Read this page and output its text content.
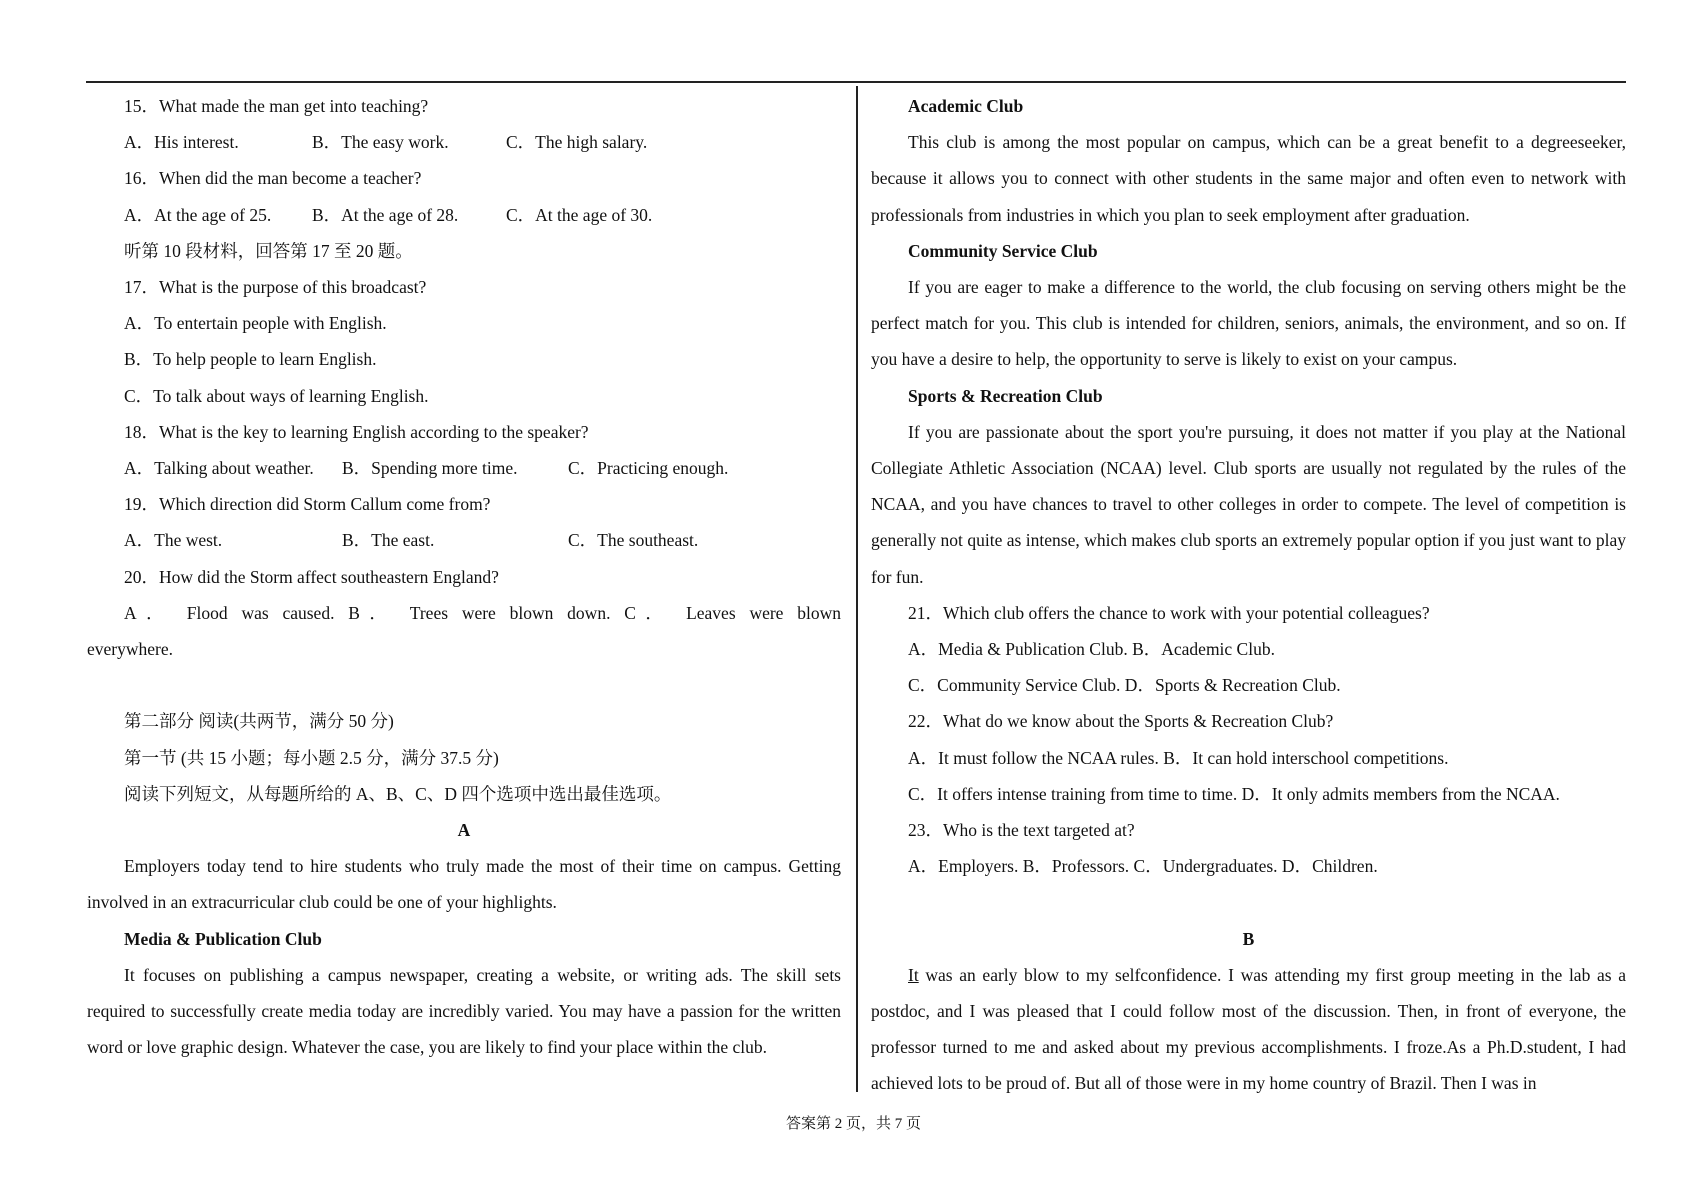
15．What made the man get into teaching?

A．His interest.	B．The easy work.	C．The high salary.

16．When did the man become a teacher?

A．At the age of 25.	B．At the age of 28.	C．At the age of 30.

听第 10 段材料，回答第 17 至 20 题。

17．What is the purpose of this broadcast?

A．To entertain people with English.

B．To help people to learn English.

C．To talk about ways of learning English.

18．What is the key to learning English according to the speaker?

A．Talking about weather.	B．Spending more time.	C．Practicing enough.

19．Which direction did Storm Callum come from?

A．The west.	B．The east.	C．The southeast.

20．How did the Storm affect southeastern England?

A． Flood was caused. B． Trees were blown down. C． Leaves were blown

everywhere.

第二部分 阅读(共两节，满分 50 分)

第一节 (共 15 小题；每小题 2.5 分，满分 37.5 分)

阅读下列短文，从每题所给的 A、B、C、D 四个选项中选出最佳选项。

A

Employers today tend to hire students who truly made the most of their time on campus. Getting involved in an extracurricular club could be one of your highlights.

Media & Publication Club

It focuses on publishing a campus newspaper, creating a website, or writing ads. The skill sets required to successfully create media today are incredibly varied. You may have a passion for the written word or love graphic design. Whatever the case, you are likely to find your place within the club.

Academic Club

This club is among the most popular on campus, which can be a great benefit to a degreeseeker, because it allows you to connect with other students in the same major and often even to network with professionals from industries in which you plan to seek employment after graduation.

Community Service Club

If you are eager to make a difference to the world, the club focusing on serving others might be the perfect match for you. This club is intended for children, seniors, animals, the environment, and so on. If you have a desire to help, the opportunity to serve is likely to exist on your campus.

Sports & Recreation Club

If you are passionate about the sport you're pursuing, it does not matter if you play at the National Collegiate Athletic Association (NCAA) level. Club sports are usually not regulated by the rules of the NCAA, and you have chances to travel to other colleges in order to compete. The level of competition is generally not quite as intense, which makes club sports an extremely popular option if you just want to play for fun.

21．Which club offers the chance to work with your potential colleagues?

A．Media & Publication Club. B．Academic Club.

C．Community Service Club. D．Sports & Recreation Club.

22．What do we know about the Sports & Recreation Club?

A．It must follow the NCAA rules. B．It can hold interschool competitions.

C．It offers intense training from time to time. D．It only admits members from the NCAA.

23．Who is the text targeted at?

A．Employers. B．Professors. C．Undergraduates. D．Children.

B

It was an early blow to my selfconfidence. I was attending my first group meeting in the lab as a postdoc, and I was pleased that I could follow most of the discussion. Then, in front of everyone, the professor turned to me and asked about my previous accomplishments. I froze.As a Ph.D.student, I had achieved lots to be proud of. But all of those were in my home country of Brazil. Then I was in

答案第 2 页，共 7 页
